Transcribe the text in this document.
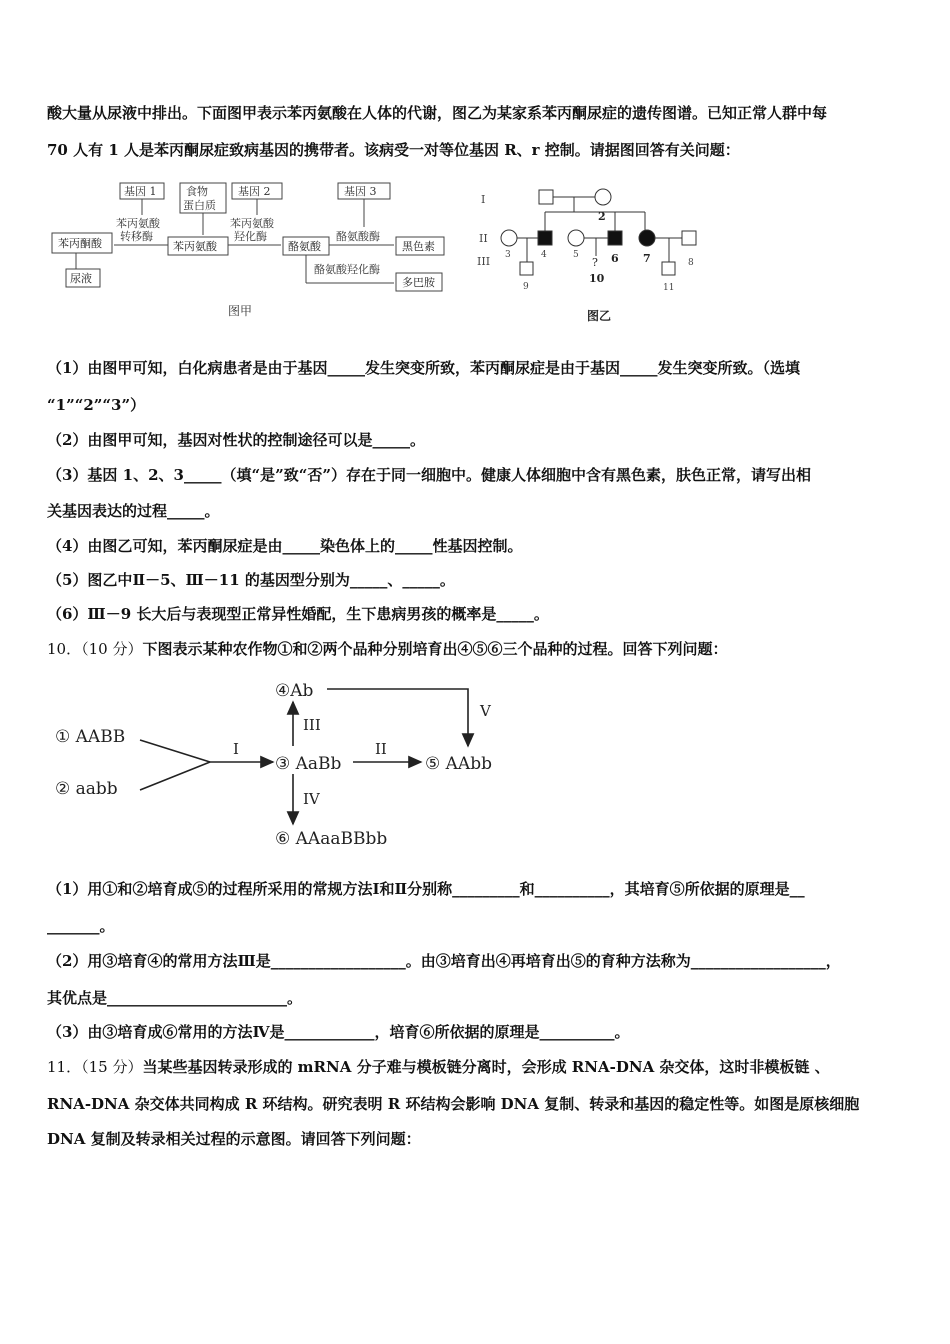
酸大量从尿液中排出。下面图甲表示苯丙氨酸在人体的代谢，图乙为某家系苯丙酮尿症的遗传图谱。已知正常人群中每
70 人有 1 人是苯丙酮尿症致病基因的携带者。该病受一对等位基因 R、r 控制。请据图回答有关问题：
基因 1	食物
蛋白质
基因 2	基因 3
苯丙氨酸
转移酶
苯丙氨酸
羟化酶	酪氨酸酶
苯丙酮酸	苯丙氨酸	酪氨酸	黑色素
尿液
酪氨酸羟化酶
多巴胺
图甲
I
II
III
2
3	4	5	6 7	8
9
?
10
11
图乙
（1）由图甲可知，白化病患者是由于基因_____发生突变所致，苯丙酮尿症是由于基因_____发生突变所致。（选填
“1”“2”“3”）
（2）由图甲可知，基因对性状的控制途径可以是_____。
（3）基因 1、2、3_____（填“是”致“否”）存在于同一细胞中。健康人体细胞中含有黑色素，肤色正常，请写出相
关基因表达的过程_____。
（4）由图乙可知，苯丙酮尿症是由_____染色体上的_____性基因控制。
（5）图乙中Ⅱ－5、Ⅲ－11 的基因型分别为_____、_____。
（6）Ⅲ－9 长大后与表现型正常异性婚配，生下患病男孩的概率是_____。
10．（10 分）下图表示某种农作物①和②两个品种分别培育出④⑤⑥三个品种的过程。回答下列问题：
① AABB
② aabb
③ AaBb
④Ab
⑤ AAbb
⑥ AAaaBBbb
I	II
III
IV
V
（1）用①和②培育成⑤的过程所采用的常规方法Ⅰ和Ⅱ分别称_________和__________，其培育⑤所依据的原理是__
_______。
（2）用③培育④的常用方法Ⅲ是__________________。由③培育出④再培育出⑤的育种方法称为__________________，
其优点是________________________。
（3）由③培育成⑥常用的方法Ⅳ是____________，培育⑥所依据的原理是__________。
11．（15 分）当某些基因转录形成的 mRNA 分子难与模板链分离时，会形成 RNA-DNA 杂交体，这时非模板链 、
RNA-DNA 杂交体共同构成 R 环结构。研究表明 R 环结构会影响 DNA 复制、转录和基因的稳定性等。如图是原核细胞
DNA 复制及转录相关过程的示意图。请回答下列问题：
